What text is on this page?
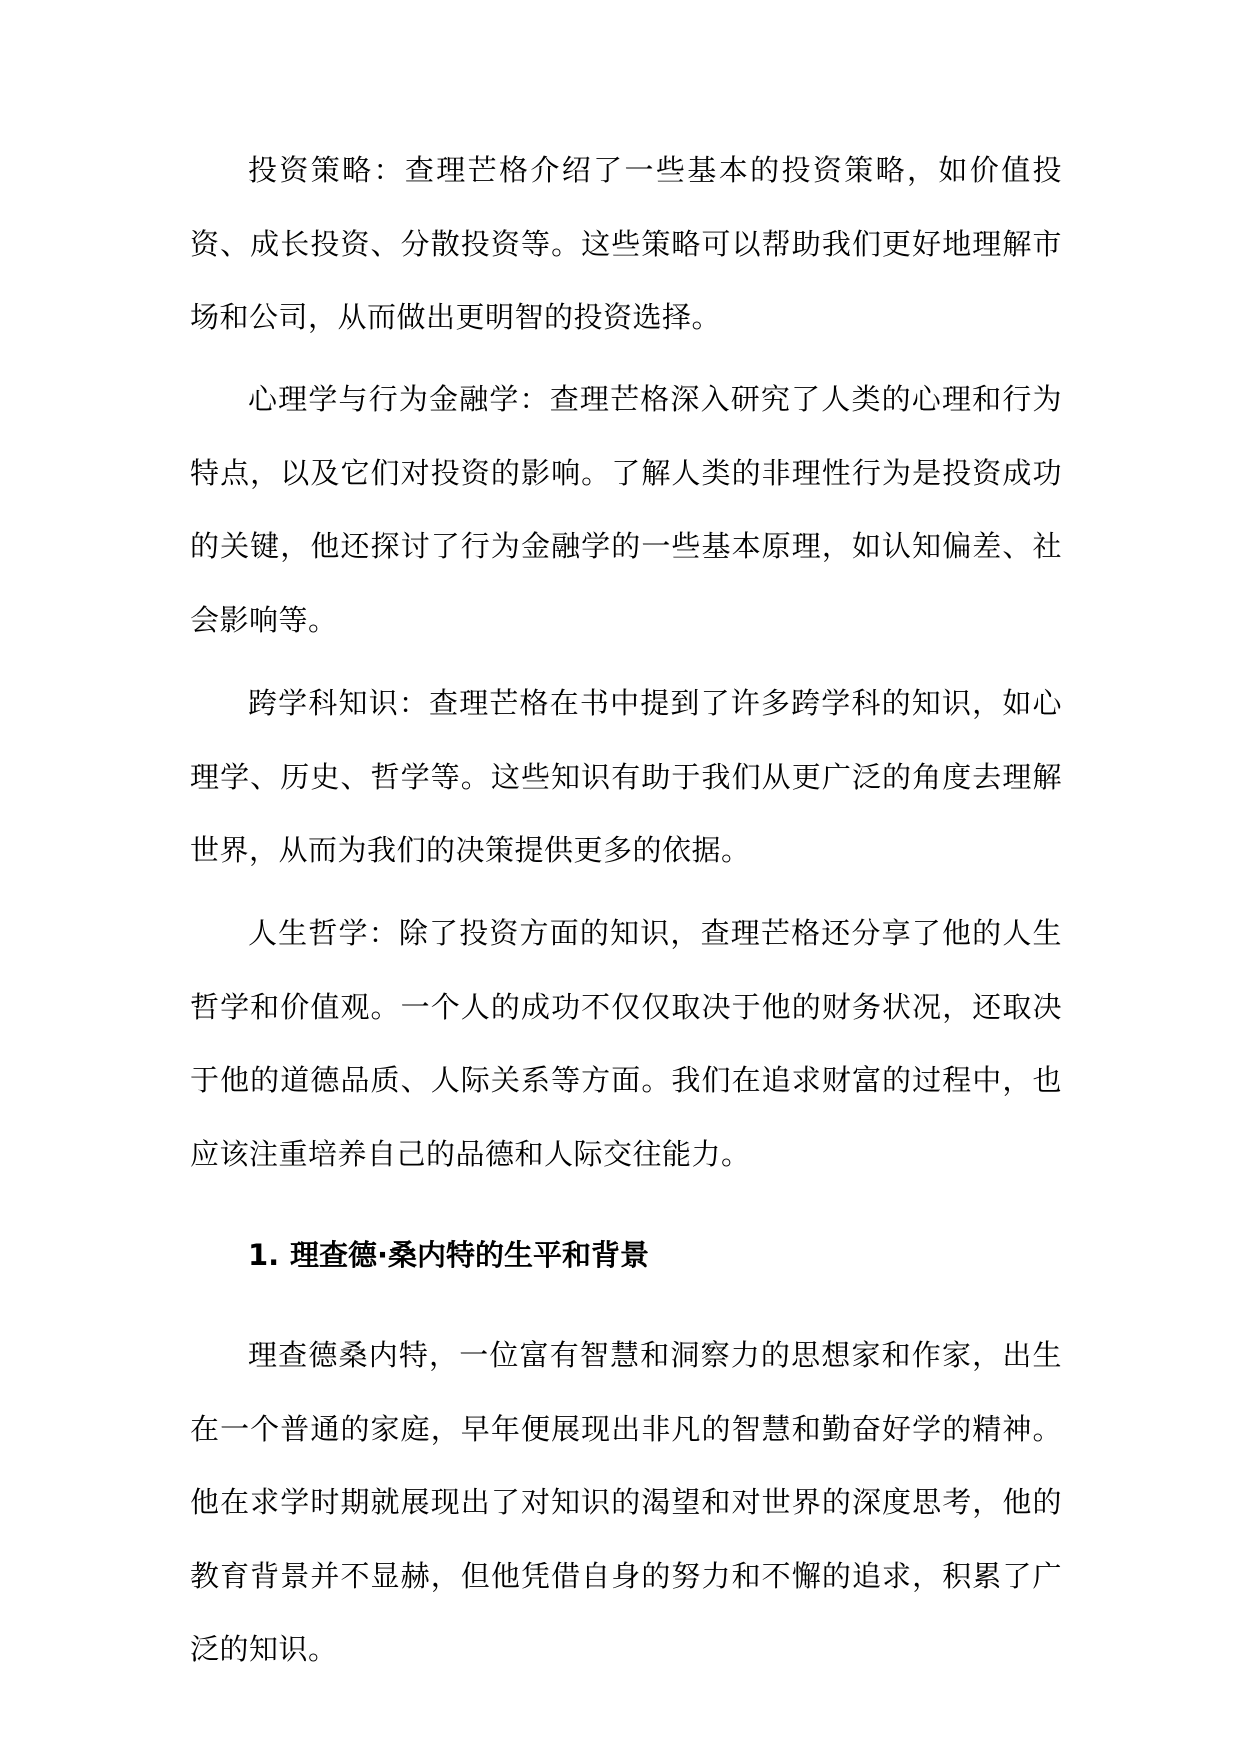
投资策略：查理芒格介绍了一些基本的投资策略，如价值投资、成长投资、分散投资等。这些策略可以帮助我们更好地理解市场和公司，从而做出更明智的投资选择。

心理学与行为金融学：查理芒格深入研究了人类的心理和行为特点，以及它们对投资的影响。了解人类的非理性行为是投资成功的关键，他还探讨了行为金融学的一些基本原理，如认知偏差、社会影响等。

跨学科知识：查理芒格在书中提到了许多跨学科的知识，如心理学、历史、哲学等。这些知识有助于我们从更广泛的角度去理解世界，从而为我们的决策提供更多的依据。

人生哲学：除了投资方面的知识，查理芒格还分享了他的人生哲学和价值观。一个人的成功不仅仅取决于他的财务状况，还取决于他的道德品质、人际关系等方面。我们在追求财富的过程中，也应该注重培养自己的品德和人际交往能力。

1. 理查德·桑内特的生平和背景

理查德桑内特，一位富有智慧和洞察力的思想家和作家，出生在一个普通的家庭，早年便展现出非凡的智慧和勤奋好学的精神。他在求学时期就展现出了对知识的渴望和对世界的深度思考，他的教育背景并不显赫，但他凭借自身的努力和不懈的追求，积累了广泛的知识。
